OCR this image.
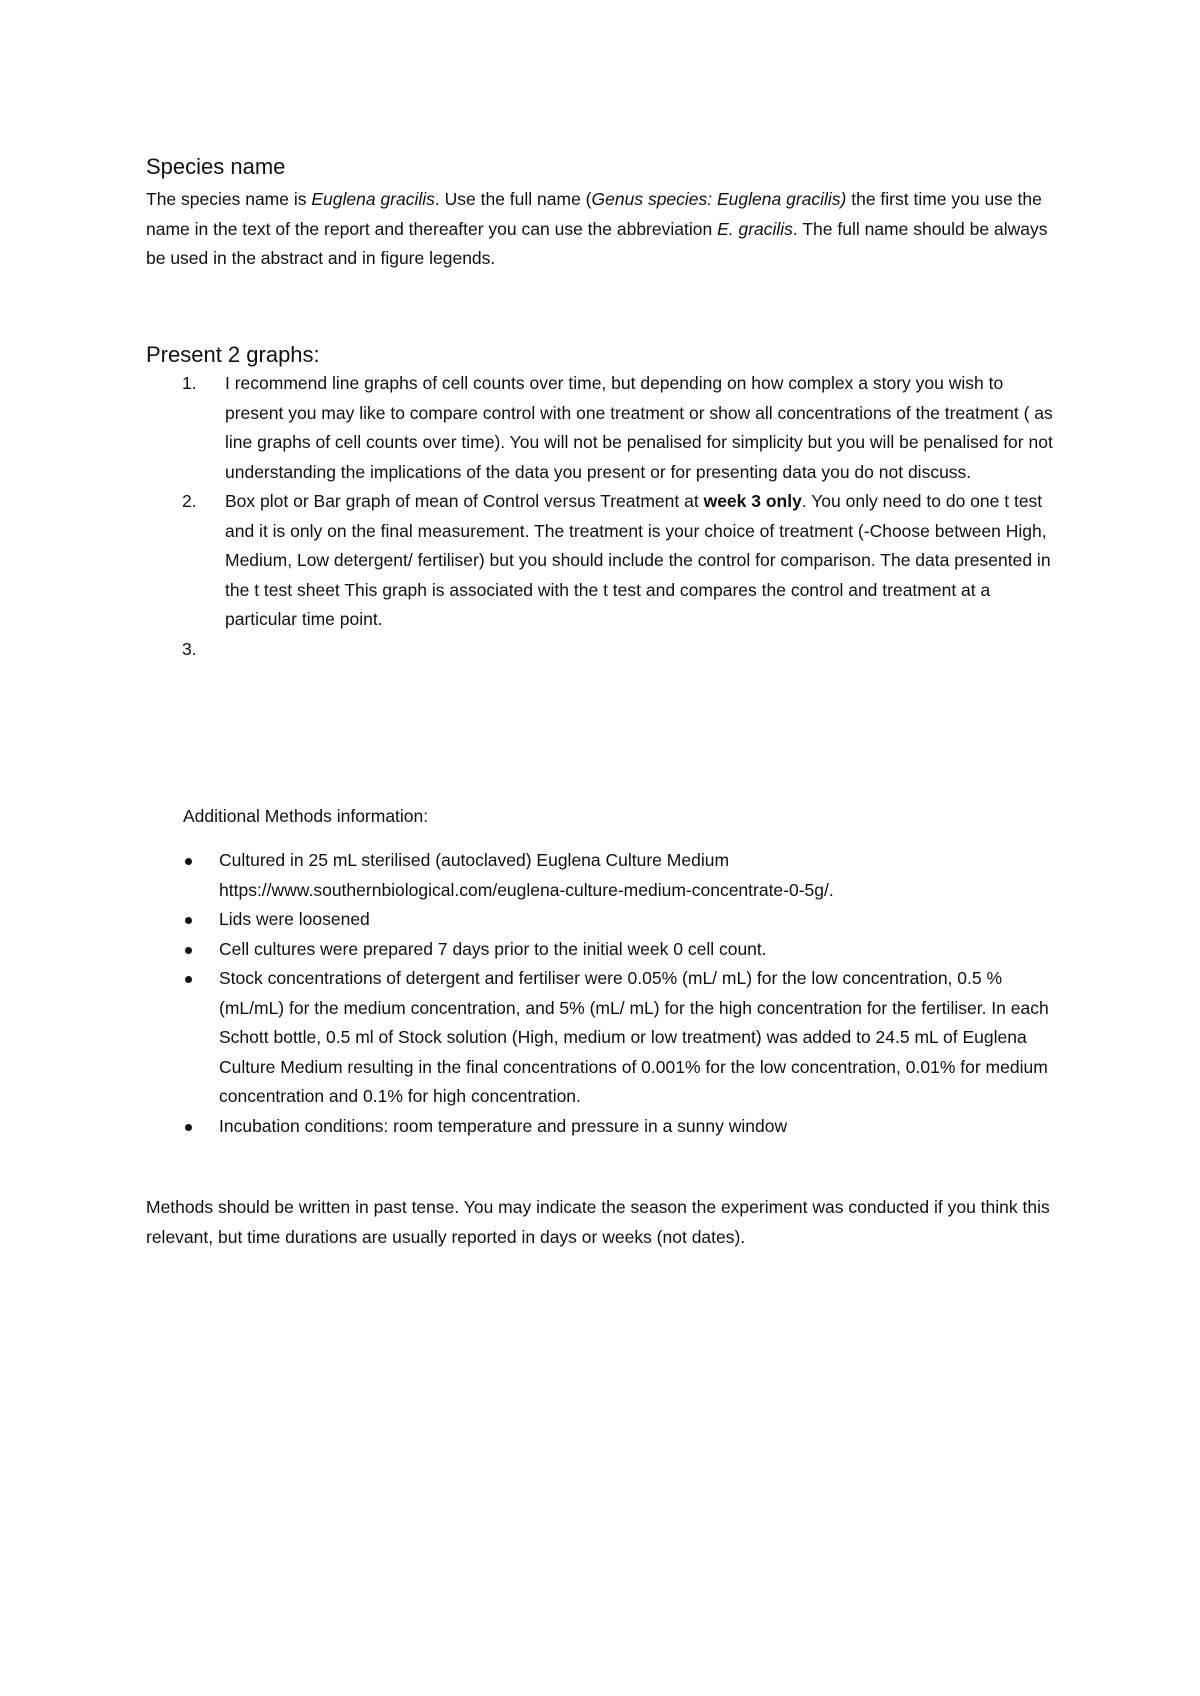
Species name

The species name is Euglena gracilis. Use the full name (Genus species: Euglena gracilis) the first time you use the name in the text of the report and thereafter you can use the abbreviation E. gracilis. The full name should be always be used in the abstract and in figure legends.

Present 2 graphs:
1. I recommend line graphs of cell counts over time, but depending on how complex a story you wish to present you may like to compare control with one treatment or show all concentrations of the treatment ( as line graphs of cell counts over time). You will not be penalised for simplicity but you will be penalised for not understanding the implications of the data you present or for presenting data you do not discuss.
2. Box plot or Bar graph of mean of Control versus Treatment at week 3 only. You only need to do one t test and it is only on the final measurement. The treatment is your choice of treatment (-Choose between High, Medium, Low detergent/ fertiliser) but you should include the control for comparison. The data presented in the t test sheet This graph is associated with the t test and compares the control and treatment at a particular time point.
3.

Additional Methods information:

Cultured in 25 mL sterilised (autoclaved) Euglena Culture Medium https://www.southernbiological.com/euglena-culture-medium-concentrate-0-5g/.
Lids were loosened
Cell cultures were prepared 7 days prior to the initial week 0 cell count.
Stock concentrations of detergent and fertiliser were 0.05% (mL/ mL) for the low concentration, 0.5 % (mL/mL) for the medium concentration, and 5% (mL/ mL) for the high concentration for the fertiliser. In each Schott bottle, 0.5 ml of Stock solution (High, medium or low treatment) was added to 24.5 mL of Euglena Culture Medium resulting in the final concentrations of 0.001% for the low concentration, 0.01% for medium concentration and 0.1% for high concentration.
Incubation conditions: room temperature and pressure in a sunny window

Methods should be written in past tense. You may indicate the season the experiment was conducted if you think this relevant, but time durations are usually reported in days or weeks (not dates).
